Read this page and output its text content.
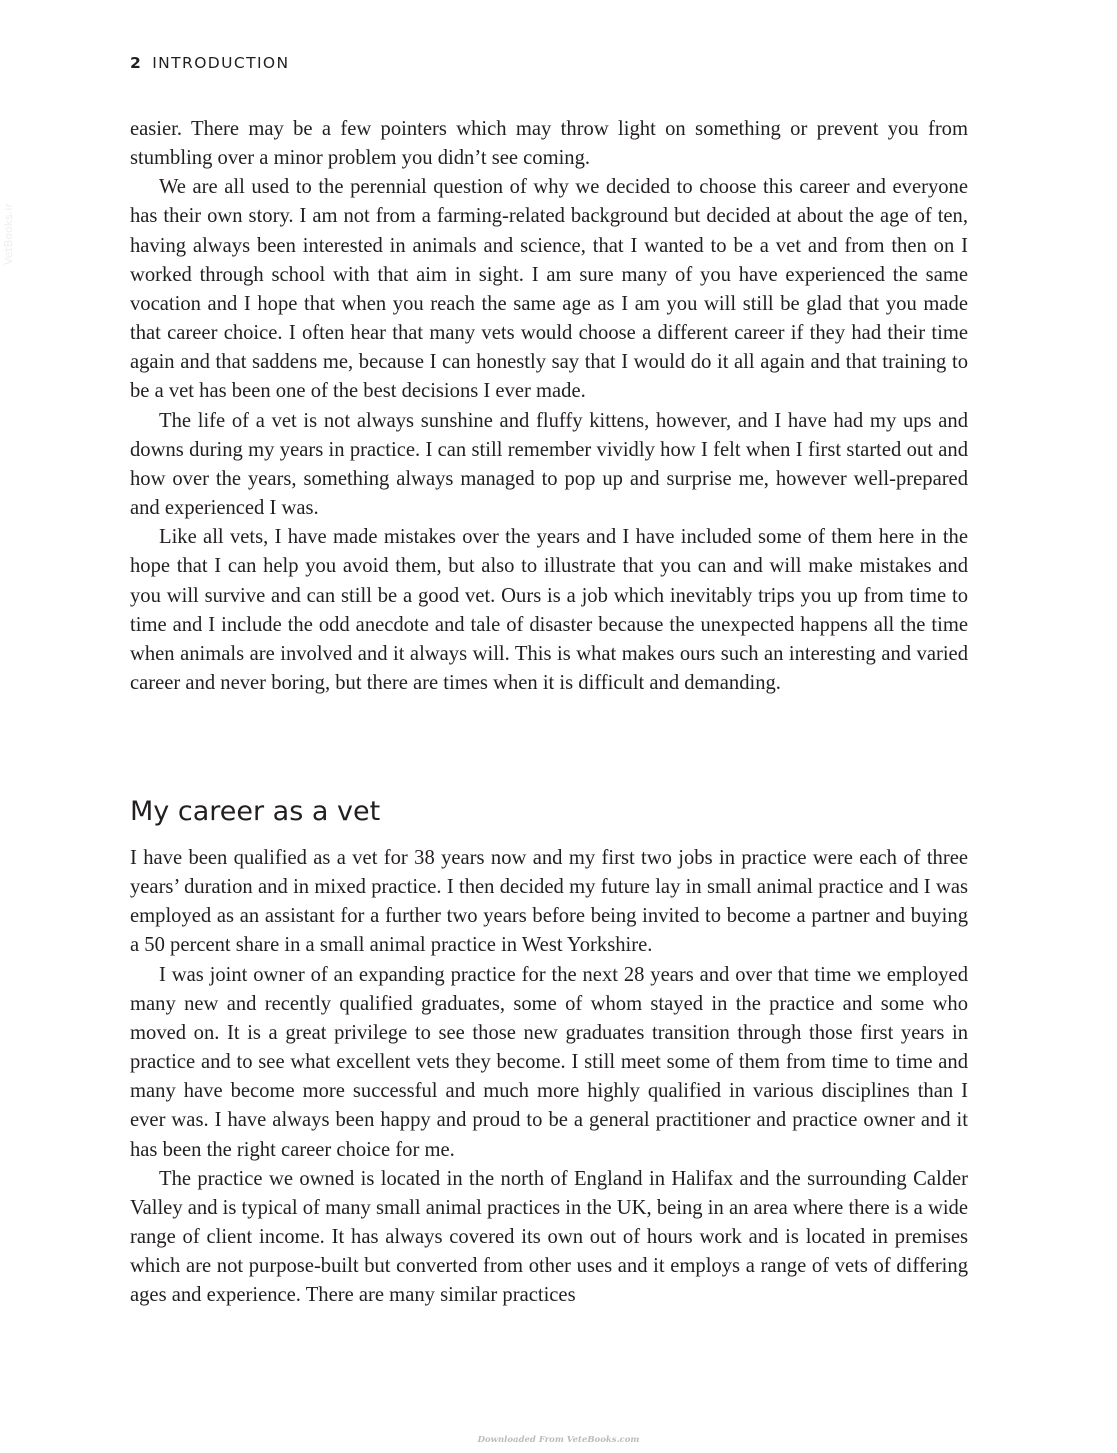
2 INTRODUCTION
VetBooks.ir

easier. There may be a few pointers which may throw light on something or prevent you from stumbling over a minor problem you didn’t see coming.

We are all used to the perennial question of why we decided to choose this career and everyone has their own story. I am not from a farming-related background but decided at about the age of ten, having always been interested in animals and science, that I wanted to be a vet and from then on I worked through school with that aim in sight. I am sure many of you have experienced the same vocation and I hope that when you reach the same age as I am you will still be glad that you made that career choice. I often hear that many vets would choose a different career if they had their time again and that saddens me, because I can honestly say that I would do it all again and that training to be a vet has been one of the best decisions I ever made.

The life of a vet is not always sunshine and fluffy kittens, however, and I have had my ups and downs during my years in practice. I can still remember vividly how I felt when I first started out and how over the years, something always managed to pop up and surprise me, however well-prepared and experienced I was.

Like all vets, I have made mistakes over the years and I have included some of them here in the hope that I can help you avoid them, but also to illustrate that you can and will make mistakes and you will survive and can still be a good vet. Ours is a job which inevitably trips you up from time to time and I include the odd anecdote and tale of disaster because the unexpected happens all the time when animals are involved and it always will. This is what makes ours such an interesting and varied career and never boring, but there are times when it is difficult and demanding.

My career as a vet

I have been qualified as a vet for 38 years now and my first two jobs in practice were each of three years’ duration and in mixed practice. I then decided my future lay in small animal practice and I was employed as an assistant for a further two years before being invited to become a partner and buying a 50 percent share in a small animal practice in West Yorkshire.

I was joint owner of an expanding practice for the next 28 years and over that time we employed many new and recently qualified graduates, some of whom stayed in the practice and some who moved on. It is a great privilege to see those new graduates transition through those first years in practice and to see what excellent vets they become. I still meet some of them from time to time and many have become more successful and much more highly qualified in various disciplines than I ever was. I have always been happy and proud to be a general practitioner and practice owner and it has been the right career choice for me.

The practice we owned is located in the north of England in Halifax and the surrounding Calder Valley and is typical of many small animal practices in the UK, being in an area where there is a wide range of client income. It has always covered its own out of hours work and is located in premises which are not purpose-built but converted from other uses and it employs a range of vets of differing ages and experience. There are many similar practices

Downloaded From VeteBooks.com
